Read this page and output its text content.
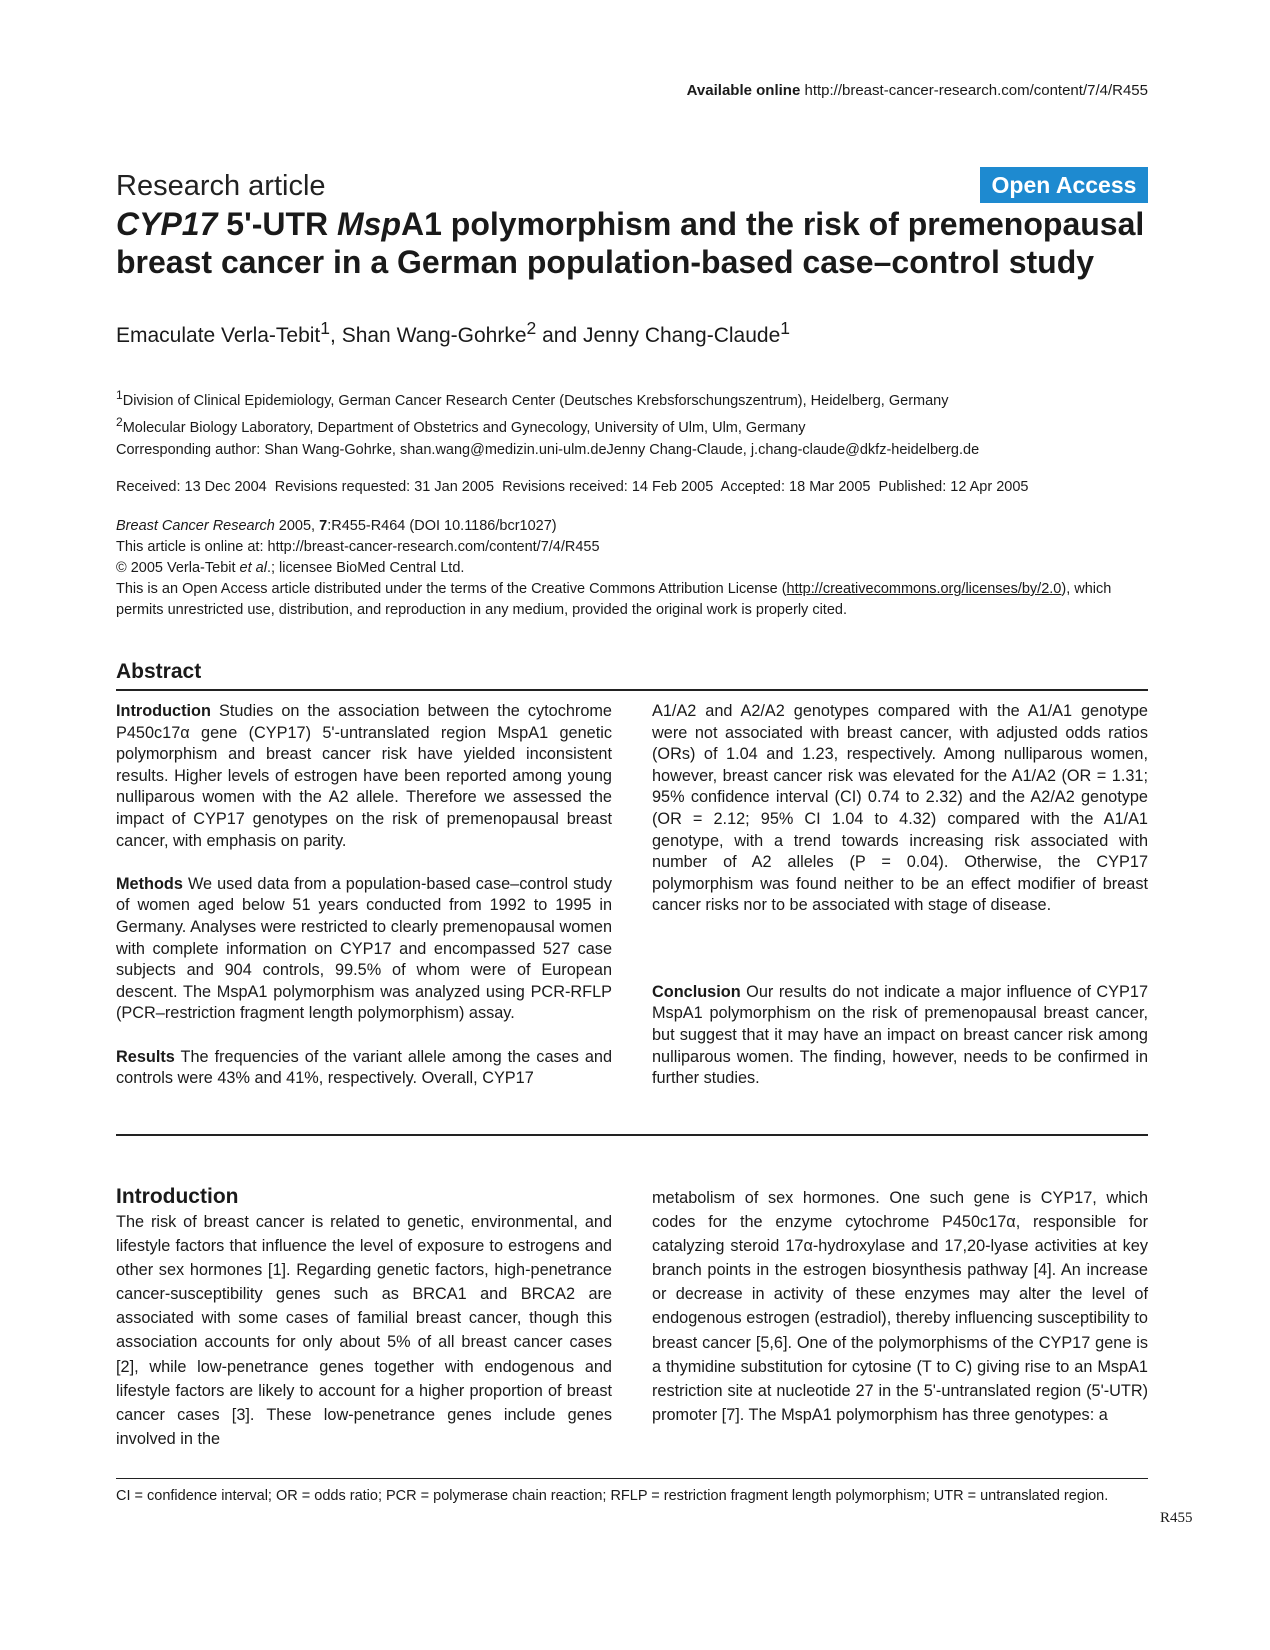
Available online http://breast-cancer-research.com/content/7/4/R455
Research article	Open Access
CYP17 5'-UTR MspA1 polymorphism and the risk of premenopausal breast cancer in a German population-based case–control study
Emaculate Verla-Tebit$^1$, Shan Wang-Gohrke$^2$ and Jenny Chang-Claude$^1$
$^1$Division of Clinical Epidemiology, German Cancer Research Center (Deutsches Krebsforschungszentrum), Heidelberg, Germany
$^2$Molecular Biology Laboratory, Department of Obstetrics and Gynecology, University of Ulm, Ulm, Germany
Corresponding author: Shan Wang-Gohrke, shan.wang@medizin.uni-ulm.deJenny Chang-Claude, j.chang-claude@dkfz-heidelberg.de
Received: 13 Dec 2004  Revisions requested: 31 Jan 2005  Revisions received: 14 Feb 2005  Accepted: 18 Mar 2005  Published: 12 Apr 2005
Breast Cancer Research 2005, 7:R455-R464 (DOI 10.1186/bcr1027)
This article is online at: http://breast-cancer-research.com/content/7/4/R455
© 2005 Verla-Tebit et al.; licensee BioMed Central Ltd.
This is an Open Access article distributed under the terms of the Creative Commons Attribution License (http://creativecommons.org/licenses/by/2.0), which permits unrestricted use, distribution, and reproduction in any medium, provided the original work is properly cited.
Abstract

Introduction Studies on the association between the cytochrome P450c17α gene (CYP17) 5'-untranslated region MspA1 genetic polymorphism and breast cancer risk have yielded inconsistent results. Higher levels of estrogen have been reported among young nulliparous women with the A2 allele. Therefore we assessed the impact of CYP17 genotypes on the risk of premenopausal breast cancer, with emphasis on parity.

Methods We used data from a population-based case–control study of women aged below 51 years conducted from 1992 to 1995 in Germany. Analyses were restricted to clearly premenopausal women with complete information on CYP17 and encompassed 527 case subjects and 904 controls, 99.5% of whom were of European descent. The MspA1 polymorphism was analyzed using PCR-RFLP (PCR–restriction fragment length polymorphism) assay.

Results The frequencies of the variant allele among the cases and controls were 43% and 41%, respectively. Overall, CYP17

A1/A2 and A2/A2 genotypes compared with the A1/A1 genotype were not associated with breast cancer, with adjusted odds ratios (ORs) of 1.04 and 1.23, respectively. Among nulliparous women, however, breast cancer risk was elevated for the A1/A2 (OR = 1.31; 95% confidence interval (CI) 0.74 to 2.32) and the A2/A2 genotype (OR = 2.12; 95% CI 1.04 to 4.32) compared with the A1/A1 genotype, with a trend towards increasing risk associated with number of A2 alleles (P = 0.04). Otherwise, the CYP17 polymorphism was found neither to be an effect modifier of breast cancer risks nor to be associated with stage of disease.

Conclusion Our results do not indicate a major influence of CYP17 MspA1 polymorphism on the risk of premenopausal breast cancer, but suggest that it may have an impact on breast cancer risk among nulliparous women. The finding, however, needs to be confirmed in further studies.

Introduction
The risk of breast cancer is related to genetic, environmental, and lifestyle factors that influence the level of exposure to estrogens and other sex hormones [1]. Regarding genetic factors, high-penetrance cancer-susceptibility genes such as BRCA1 and BRCA2 are associated with some cases of familial breast cancer, though this association accounts for only about 5% of all breast cancer cases [2], while low-penetrance genes together with endogenous and lifestyle factors are likely to account for a higher proportion of breast cancer cases [3]. These low-penetrance genes include genes involved in the
metabolism of sex hormones. One such gene is CYP17, which codes for the enzyme cytochrome P450c17α, responsible for catalyzing steroid 17α-hydroxylase and 17,20-lyase activities at key branch points in the estrogen biosynthesis pathway [4]. An increase or decrease in activity of these enzymes may alter the level of endogenous estrogen (estradiol), thereby influencing susceptibility to breast cancer [5,6]. One of the polymorphisms of the CYP17 gene is a thymidine substitution for cytosine (T to C) giving rise to an MspA1 restriction site at nucleotide 27 in the 5'-untranslated region (5'-UTR) promoter [7]. The MspA1 polymorphism has three genotypes: a
CI = confidence interval; OR = odds ratio; PCR = polymerase chain reaction; RFLP = restriction fragment length polymorphism; UTR = untranslated region.
R455
